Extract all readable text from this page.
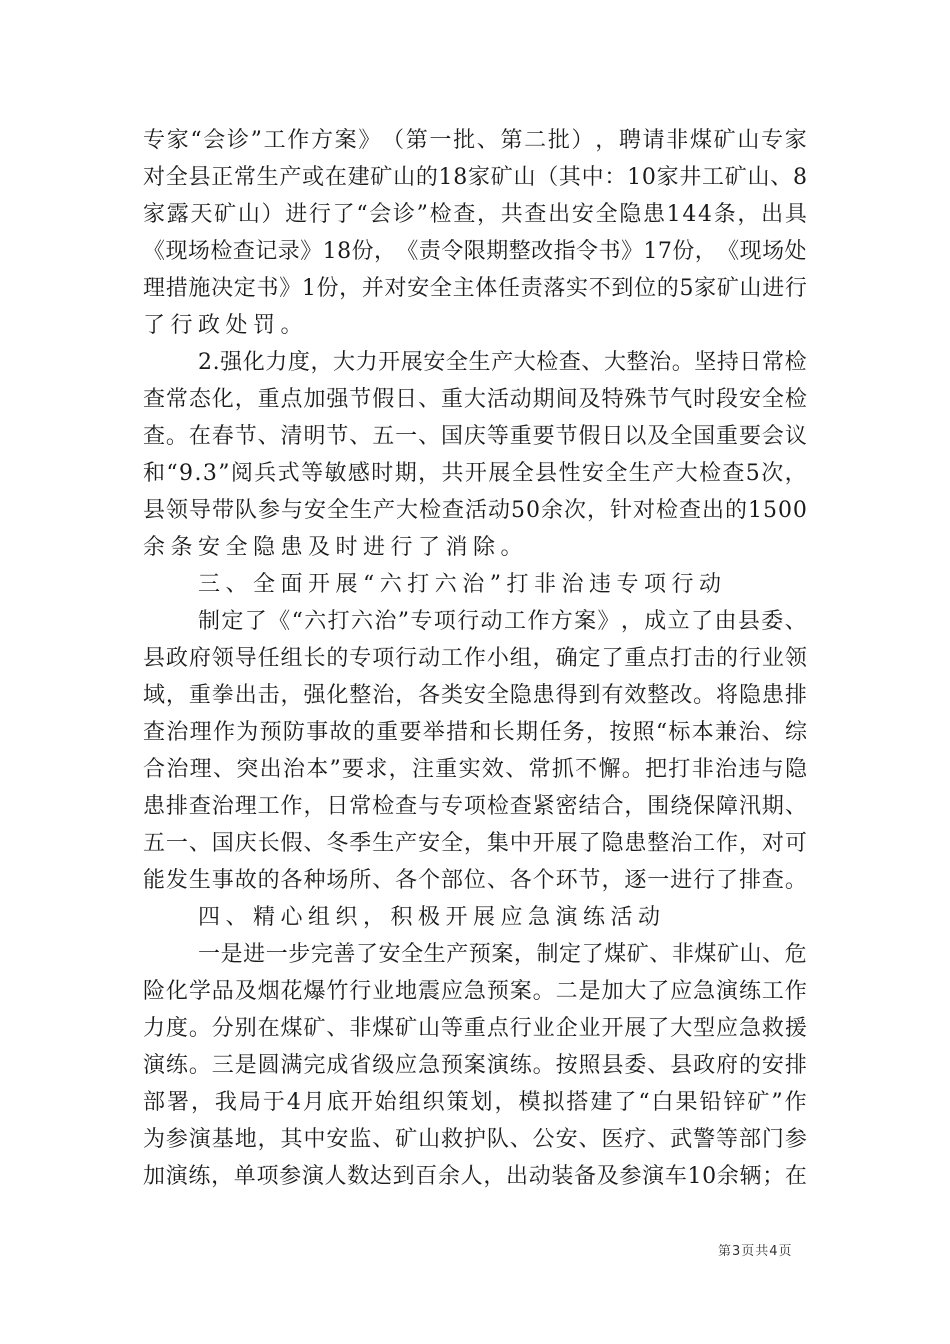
专 家 “ 会 诊 ” 工 作 方 案 》 （ 第 一 批 、 第 二 批 ） ， 聘 请 非 煤 矿 山 专 家
对 全 县 正 常 生 产 或 在 建 矿 山 的 1 8 家 矿 山 （ 其 中 ： 1 0 家 井 工 矿 山 、 8
家 露 天 矿 山 ） 进 行 了 “ 会 诊 ” 检 查 ， 共 查 出 安 全 隐 患 1 4 4 条 ， 出 具
《 现 场 检 查 记 录 》 1 8 份 ， 《 责 令 限 期 整 改 指 令 书 》 1 7 份 ， 《 现 场 处
理 措 施 决 定 书 》 1 份 ， 并 对 安 全 主 体 任 责 落 实 不 到 位 的 5 家 矿 山 进 行
了行政处罚。
2 . 强 化 力 度 ， 大 力 开 展 安 全 生 产 大 检 查 、 大 整 治 。 坚 持 日 常 检
查 常 态 化 ， 重 点 加 强 节 假 日 、 重 大 活 动 期 间 及 特 殊 节 气 时 段 安 全 检
查 。 在 春 节 、 清 明 节 、 五 一 、 国 庆 等 重 要 节 假 日 以 及 全 国 重 要 会 议
和 “ 9 . 3 ” 阅 兵 式 等 敏 感 时 期 ， 共 开 展 全 县 性 安 全 生 产 大 检 查 5 次 ，
县 领 导 带 队 参 与 安 全 生 产 大 检 查 活 动 5 0 余 次 ， 针 对 检 查 出 的 1 5 0 0
余条安全隐患及时进行了消除。
三、全面开展“六打六治”打非治违专项行动
制 定 了 《 “ 六 打 六 治 ” 专 项 行 动 工 作 方 案 》 ， 成 立 了 由 县 委 、
县 政 府 领 导 任 组 长 的 专 项 行 动 工 作 小 组 ， 确 定 了 重 点 打 击 的 行 业 领
域 ， 重 拳 出 击 ， 强 化 整 治 ， 各 类 安 全 隐 患 得 到 有 效 整 改 。 将 隐 患 排
查 治 理 作 为 预 防 事 故 的 重 要 举 措 和 长 期 任 务 ， 按 照 “ 标 本 兼 治 、 综
合 治 理 、 突 出 治 本 ” 要 求 ， 注 重 实 效 、 常 抓 不 懈 。 把 打 非 治 违 与 隐
患 排 查 治 理 工 作 ， 日 常 检 查 与 专 项 检 查 紧 密 结 合 ， 围 绕 保 障 汛 期 、
五 一 、 国 庆 长 假 、 冬 季 生 产 安 全 ， 集 中 开 展 了 隐 患 整 治 工 作 ， 对 可
能 发 生 事 故 的 各 种 场 所 、 各 个 部 位 、 各 个 环 节 ， 逐 一 进 行 了 排 查 。
四、精心组织，积极开展应急演练活动
一 是 进 一 步 完 善 了 安 全 生 产 预 案 ， 制 定 了 煤 矿 、 非 煤 矿 山 、 危
险 化 学 品 及 烟 花 爆 竹 行 业 地 震 应 急 预 案 。 二 是 加 大 了 应 急 演 练 工 作
力 度 。 分 别 在 煤 矿 、 非 煤 矿 山 等 重 点 行 业 企 业 开 展 了 大 型 应 急 救 援
演 练 。 三 是 圆 满 完 成 省 级 应 急 预 案 演 练 。 按 照 县 委 、 县 政 府 的 安 排
部 署 ， 我 局 于 4 月 底 开 始 组 织 策 划 ， 模 拟 搭 建 了 “ 白 果 铅 锌 矿 ” 作
为 参 演 基 地 ， 其 中 安 监 、 矿 山 救 护 队 、 公 安 、 医 疗 、 武 警 等 部 门 参
加 演 练 ， 单 项 参 演 人 数 达 到 百 余 人 ， 出 动 装 备 及 参 演 车 1 0 余 辆 ； 在
第3页共4页
